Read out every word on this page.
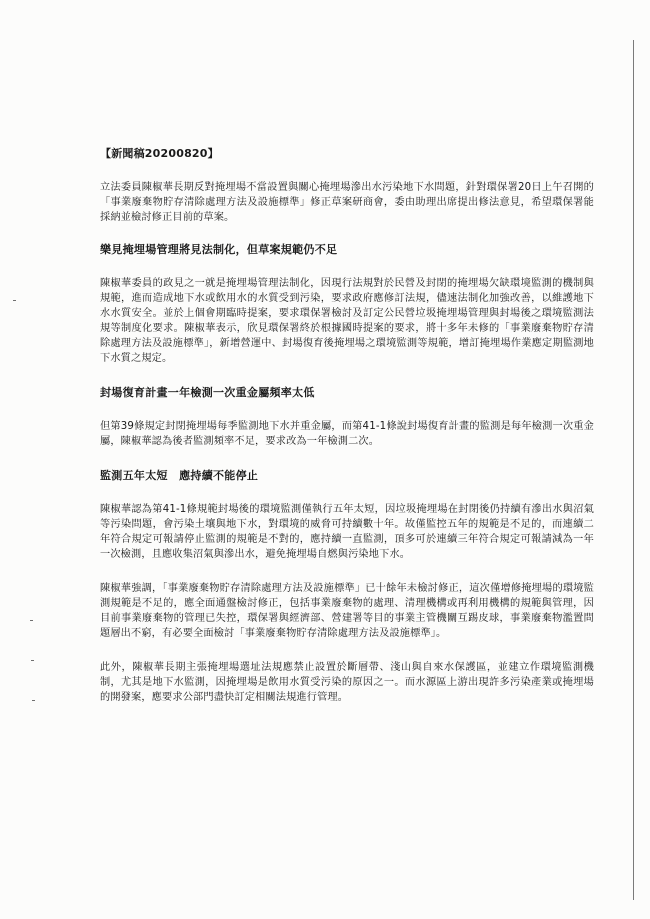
【新聞稿20200820】

立法委員陳椒華長期反對掩埋場不當設置與關心掩埋場滲出水污染地下水問題，針對環保署20日上午召開的「事業廢棄物貯存清除處理方法及設施標準」修正草案研商會，委由助理出席提出修法意見，希望環保署能採納並檢討修正目前的草案。

樂見掩埋場管理將見法制化，但草案規範仍不足

陳椒華委員的政見之一就是掩埋場管理法制化，因現行法規對於民營及封閉的掩埋場欠缺環境監測的機制與規範，進而造成地下水或飲用水的水質受到污染，要求政府應修訂法規，儘速法制化加強改善，以維護地下水水質安全。並於上個會期臨時提案，要求環保署檢討及訂定公民營垃圾掩埋場管理與封場後之環境監測法規等制度化要求。陳椒華表示，欣見環保署終於根據國時提案的要求，將十多年未修的「事業廢棄物貯存清除處理方法及設施標準」，新增營運中、封場復育後掩埋場之環境監測等規範，增訂掩埋場作業應定期監測地下水質之規定。

封場復育計畫一年檢測一次重金屬頻率太低

但第39條規定封閉掩埋場每季監測地下水并重金屬，而第41-1條說封場復育計畫的監測是每年檢測一次重金屬，陳椒華認為後者監測頻率不足，要求改為一年檢測二次。

監測五年太短　應持續不能停止

陳椒華認為第41-1條規範封場後的環境監測僅執行五年太短，因垃圾掩埋場在封閉後仍持續有滲出水與沼氣等污染問題，會污染土壤與地下水，對環境的威脅可持續數十年。故僅監控五年的規範是不足的，而連續二年符合規定可報請停止監測的規範是不對的，應持續一直監測，頂多可於連續三年符合規定可報請減為一年一次檢測，且應收集沼氣與滲出水，避免掩埋場自燃與污染地下水。

陳椒華強調，「事業廢棄物貯存清除處理方法及設施標準」已十餘年未檢討修正，這次僅增修掩埋場的環境監測規範是不足的，應全面通盤檢討修正，包括事業廢棄物的處理、清理機構或再利用機構的規範與管理，因目前事業廢棄物的管理已失控，環保署與經濟部、營建署等目的事業主管機關互踢皮球，事業廢棄物濫置問題層出不窮，有必要全面檢討「事業廢棄物貯存清除處理方法及設施標準」。

此外，陳椒華長期主張掩埋場選址法規應禁止設置於斷層帶、淺山與自來水保護區，並建立作環境監測機制，尤其是地下水監測，因掩埋場是飲用水質受污染的原因之一。而水源區上游出現許多污染產業或掩埋場的開發案，應要求公部門盡快訂定相關法規進行管理。
